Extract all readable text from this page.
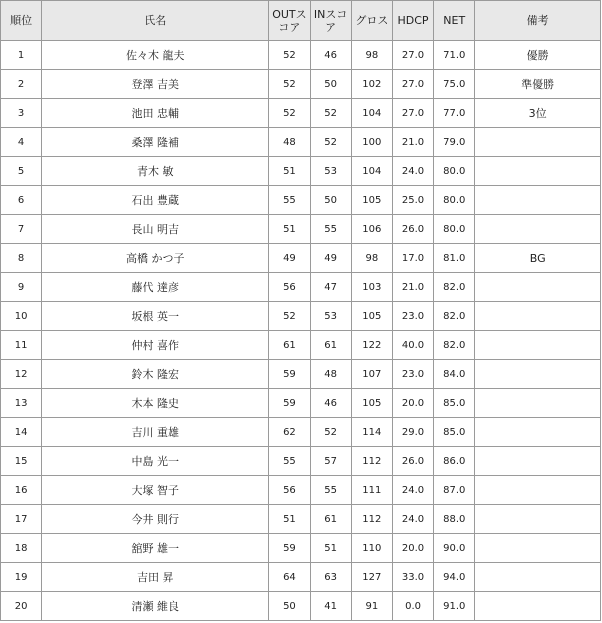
順位	氏名	OUTスコア	INスコア	グロス	HDCP	NET	備考
1	佐々木 龍夫	52	46	98	27.0	71.0	優勝
2	登澤 吉美	52	50	102	27.0	75.0	準優勝
3	池田 忠輔	52	52	104	27.0	77.0	3位
4	桑澤 隆補	48	52	100	21.0	79.0	
5	青木 敏	51	53	104	24.0	80.0	
6	石出 豊蔵	55	50	105	25.0	80.0	
7	長山 明吉	51	55	106	26.0	80.0	
8	高橋 かつ子	49	49	98	17.0	81.0	BG
9	藤代 達彦	56	47	103	21.0	82.0	
10	坂根 英一	52	53	105	23.0	82.0	
11	仲村 喜作	61	61	122	40.0	82.0	
12	鈴木 隆宏	59	48	107	23.0	84.0	
13	木本 隆史	59	46	105	20.0	85.0	
14	吉川 重雄	62	52	114	29.0	85.0	
15	中島 光一	55	57	112	26.0	86.0	
16	大塚 智子	56	55	111	24.0	87.0	
17	今井 則行	51	61	112	24.0	88.0	
18	舘野 雄一	59	51	110	20.0	90.0	
19	吉田 昇	64	63	127	33.0	94.0	
20	清瀬 維良	50	41	91	0.0	91.0	
